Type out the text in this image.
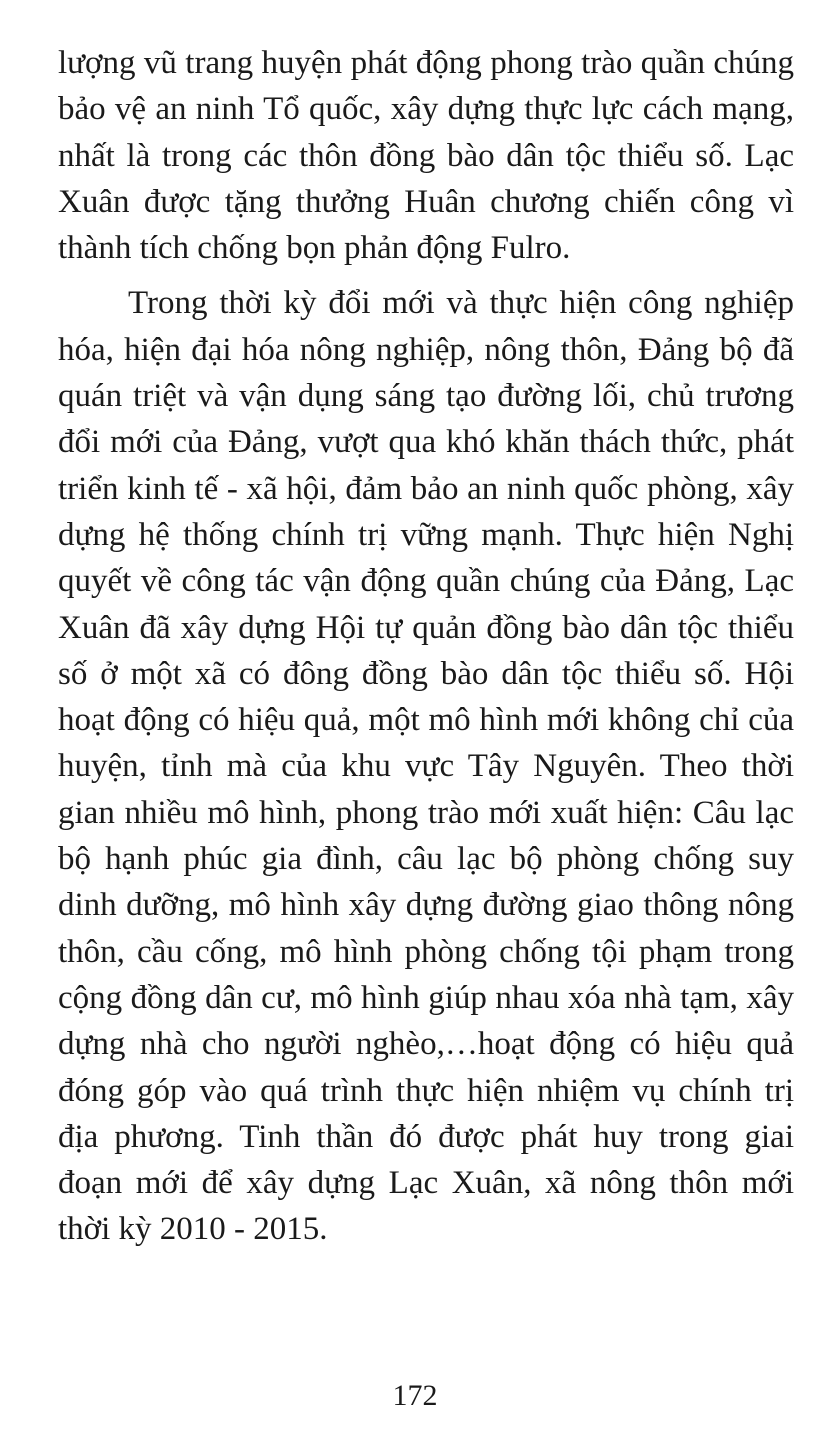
lượng vũ trang huyện phát động phong trào quần chúng bảo vệ an ninh Tổ quốc, xây dựng thực lực cách mạng, nhất là trong các thôn đồng bào dân tộc thiểu số. Lạc Xuân được tặng thưởng Huân chương chiến công vì thành tích chống bọn phản động Fulro.

Trong thời kỳ đổi mới và thực hiện công nghiệp hóa, hiện đại hóa nông nghiệp, nông thôn, Đảng bộ đã quán triệt và vận dụng sáng tạo đường lối, chủ trương đổi mới của Đảng, vượt qua khó khăn thách thức, phát triển kinh tế - xã hội, đảm bảo an ninh quốc phòng, xây dựng hệ thống chính trị vững mạnh. Thực hiện Nghị quyết về công tác vận động quần chúng của Đảng, Lạc Xuân đã xây dựng Hội tự quản đồng bào dân tộc thiểu số ở một xã có đông đồng bào dân tộc thiểu số. Hội hoạt động có hiệu quả, một mô hình mới không chỉ của huyện, tỉnh mà của khu vực Tây Nguyên. Theo thời gian nhiều mô hình, phong trào mới xuất hiện: Câu lạc bộ hạnh phúc gia đình, câu lạc bộ phòng chống suy dinh dưỡng, mô hình xây dựng đường giao thông nông thôn, cầu cống, mô hình phòng chống tội phạm trong cộng đồng dân cư, mô hình giúp nhau xóa nhà tạm, xây dựng nhà cho người nghèo,…hoạt động có hiệu quả đóng góp vào quá trình thực hiện nhiệm vụ chính trị địa phương. Tinh thần đó được phát huy trong giai đoạn mới để xây dựng Lạc Xuân, xã nông thôn mới thời kỳ 2010 - 2015.

172
